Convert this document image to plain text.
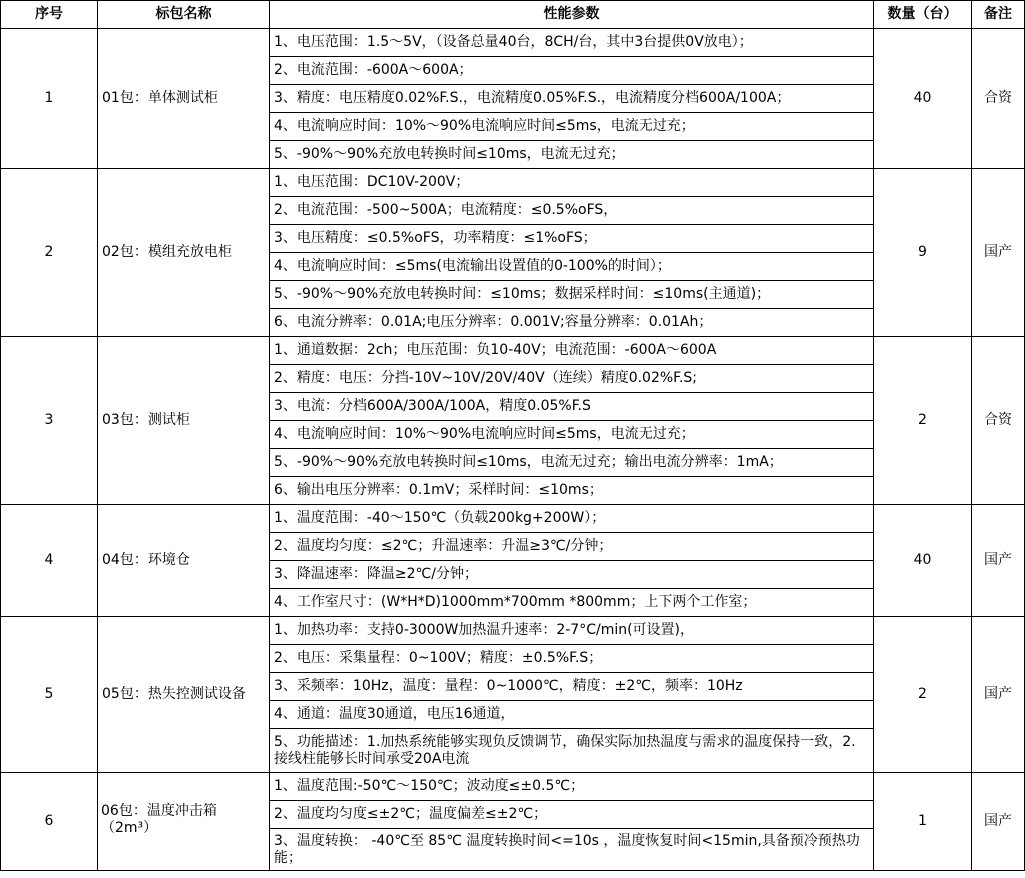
序号	标包名称	性能参数	数量（台）	备注
1	01包：单体测试柜	1、电压范围：1.5～5V，（设备总量40台，8CH/台，其中3台提供0V放电）；	40	合资
		2、电流范围：-600A～600A；		
		3、精度：电压精度0.02%F.S.，电流精度0.05%F.S.，电流精度分档600A/100A；		
		4、电流响应时间：10%～90%电流响应时间≤5ms，电流无过充；		
		5、-90%～90%充放电转换时间≤10ms，电流无过充；		
2	02包：模组充放电柜	1、电压范围：DC10V-200V；	9	国产
		2、电流范围：-500~500A；电流精度：≤0.5%oFS，		
		3、电压精度：≤0.5%oFS，功率精度：≤1%oFS；		
		4、电流响应时间：≤5ms(电流输出设置值的0-100%的时间）；		
		5、-90%～90%充放电转换时间：≤10ms；数据采样时间：≤10ms(主通道)；		
		6、电流分辨率：0.01A;电压分辨率：0.001V;容量分辨率：0.01Ah；		
3	03包：测试柜	1、通道数据：2ch；电压范围：负10-40V；电流范围：-600A～600A	2	合资
		2、精度：电压：分挡-10V~10V/20V/40V（连续）精度0.02%F.S;		
		3、电流：分档600A/300A/100A，精度0.05%F.S		
		4、电流响应时间：10%～90%电流响应时间≤5ms，电流无过充；		
		5、-90%～90%充放电转换时间≤10ms，电流无过充；输出电流分辨率：1mA；		
		6、输出电压分辨率：0.1mV；采样时间：≤10ms；		
4	04包：环境仓	1、温度范围：-40～150℃（负载200kg+200W）；	40	国产
		2、温度均匀度：≤2℃；升温速率：升温≥3℃/分钟；		
		3、降温速率：降温≥2℃/分钟；		
		4、工作室尺寸：(W*H*D)1000mm*700mm *800mm；上下两个工作室；		
5	05包：热失控测试设备	1、加热功率：支持0-3000W加热温升速率：2-7°C/min(可设置)，	2	国产
		2、电压：采集量程：0~100V；精度：±0.5%F.S；		
		3、采频率：10Hz，温度：量程：0~1000℃，精度：±2℃，频率：10Hz		
		4、通道：温度30通道，电压16通道，		
		5、功能描述：1.加热系统能够实现负反馈调节，确保实际加热温度与需求的温度保持一致，2.接线柱能够长时间承受20A电流		
6	06包：温度冲击箱（2m³）	1、温度范围:-50℃～150℃；波动度≤±0.5℃；	1	国产
		2、温度均匀度≤±2℃；温度偏差≤±2℃；		
		3、温度转换： -40℃至 85℃ 温度转换时间<=10s ，温度恢复时间<15min,具备预冷预热功能；		
